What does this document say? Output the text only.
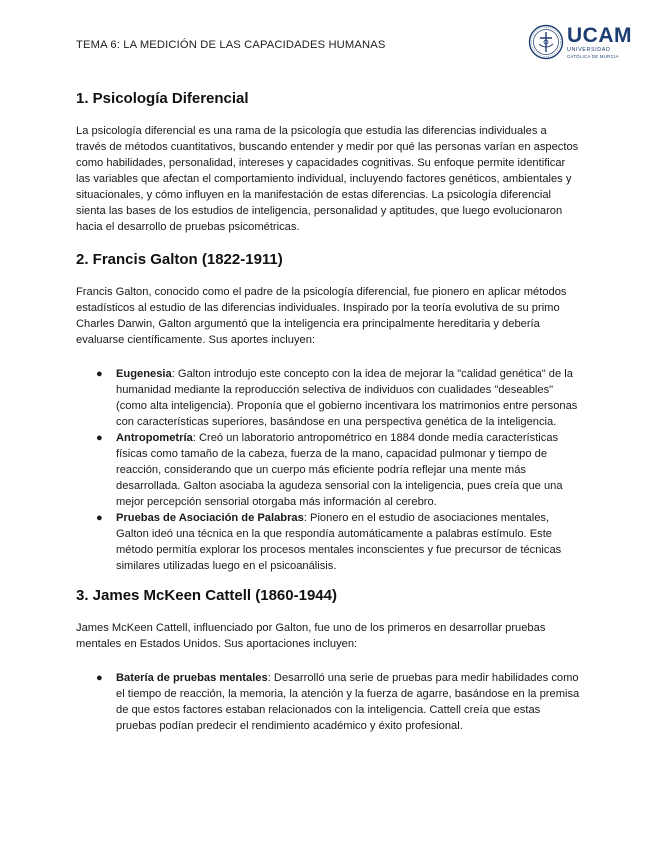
TEMA 6: LA MEDICIÓN DE LAS CAPACIDADES HUMANAS	UCAM
UNIVERSIDAD
CATÓLICA DE MURCIA
1. Psicología Diferencial

La psicología diferencial es una rama de la psicología que estudia las diferencias individuales a través de métodos cuantitativos, buscando entender y medir por qué las personas varían en aspectos como habilidades, personalidad, intereses y capacidades cognitivas. Su enfoque permite identificar las variables que afectan el comportamiento individual, incluyendo factores genéticos, ambientales y situacionales, y cómo influyen en la manifestación de estas diferencias. La psicología diferencial sienta las bases de los estudios de inteligencia, personalidad y aptitudes, que luego evolucionaron hacia el desarrollo de pruebas psicométricas.

2. Francis Galton (1822-1911)

Francis Galton, conocido como el padre de la psicología diferencial, fue pionero en aplicar métodos estadísticos al estudio de las diferencias individuales. Inspirado por la teoría evolutiva de su primo Charles Darwin, Galton argumentó que la inteligencia era principalmente hereditaria y debería evaluarse científicamente. Sus aportes incluyen:

● Eugenesia: Galton introdujo este concepto con la idea de mejorar la "calidad genética" de la humanidad mediante la reproducción selectiva de individuos con cualidades "deseables" (como alta inteligencia). Proponía que el gobierno incentivara los matrimonios entre personas con características superiores, basándose en una perspectiva genética de la inteligencia.
● Antropometría: Creó un laboratorio antropométrico en 1884 donde medía características físicas como tamaño de la cabeza, fuerza de la mano, capacidad pulmonar y tiempo de reacción, considerando que un cuerpo más eficiente podría reflejar una mente más desarrollada. Galton asociaba la agudeza sensorial con la inteligencia, pues creía que una mejor percepción sensorial otorgaba más información al cerebro.
● Pruebas de Asociación de Palabras: Pionero en el estudio de asociaciones mentales, Galton ideó una técnica en la que respondía automáticamente a palabras estímulo. Este método permitía explorar los procesos mentales inconscientes y fue precursor de técnicas similares utilizadas luego en el psicoanálisis.
3. James McKeen Cattell (1860-1944)

James McKeen Cattell, influenciado por Galton, fue uno de los primeros en desarrollar pruebas mentales en Estados Unidos. Sus aportaciones incluyen:

● Batería de pruebas mentales: Desarrolló una serie de pruebas para medir habilidades como el tiempo de reacción, la memoria, la atención y la fuerza de agarre, basándose en la premisa de que estos factores estaban relacionados con la inteligencia. Cattell creía que estas pruebas podían predecir el rendimiento académico y éxito profesional.
